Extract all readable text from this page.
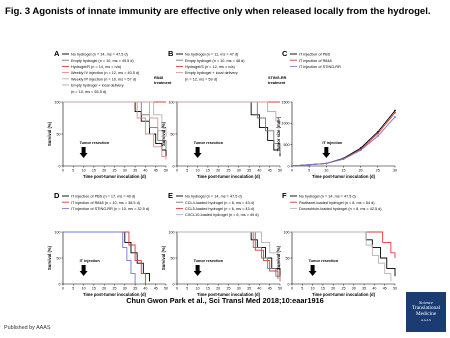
Fig. 3 Agonists of innate immunity are effective only when released locally from the hydrogel.
A	No hydrogel (n = 14, ms = 47.5 d)
Empty hydrogel (n = 10, ms = 49.5 d)
Hydrogel/R (n = 14, ms = n/a)
Weekly IV injection (n = 12, ms = 40.5 d)
Weekly IP injection (n = 10, ms = 57 d)
Empty hydrogel + local delivery
(n = 10, ms = 55.5 d)
R848
treatment
0
50
100
0 5 10 15 20 25 30 35 40 45 50
Survival (%)
Time post-tumor inoculation (d)
Tumor resection
B	No hydrogel (n = 11, ms = 47 d)
Empty hydrogel (n = 10, ms = 48 d)
Hydrogel/S (n = 12, ms = n/a)
Empty hydrogel + local delivery
(n = 12, ms = 59 d)	STING-RR
treatment
0
50
100
0 5 10 15 20 25 30 35 40 45 50
Survival (%)
Time post-tumor inoculation (d)
Tumor resection
C	IT injection of PBS
IT injection of R848
IT injection of STING-RR
0
500
1000
1500
0	5	10	15	20	25	30
Tumor size (mm³)
Time post-tumor inoculation (d)
IT injection
D	IT injection of PBS (n = 17, ms = 40 d)
IT injection of R848 (n = 10, ms = 38.5 d)
IT injection of STING-RR (n = 10, ms = 32.5 d)
0
50
100
0 5 10 15 20 25 30 35 40 45 50
Survival (%)
Time post-tumor inoculation (d)
IT injection
E	No hydrogel (n = 14, ms = 47.5 d)
CCL4-loaded hydrogel (n = 6, ms = 43 d)
CCL5-loaded hydrogel (n = 6, ms = 43 d)
CXCL10-loaded hydrogel (n = 6, ms = 49 d)
0
50
100
0 5 10 15 20 25 30 35 40 45 50
Survival (%)
Time post-tumor inoculation (d)
Tumor resection
F	No hydrogel (n = 14, ms = 47.5 d)
Paclitaxel-loaded hydrogel (n = 8, ms = 54 d)
Doxorubicin-loaded hydrogel (n = 8, ms = 42.5 d)
0
50
100
0 5 10 15 20 25 30 35 40 45 50
Survival (%)
Time post-tumor inoculation (d)
Tumor resection
Chun Gwon Park et al., Sci Transl Med 2018;10:eaar1916
Published by AAAS
Science
Translational
Medicine
AAAS
